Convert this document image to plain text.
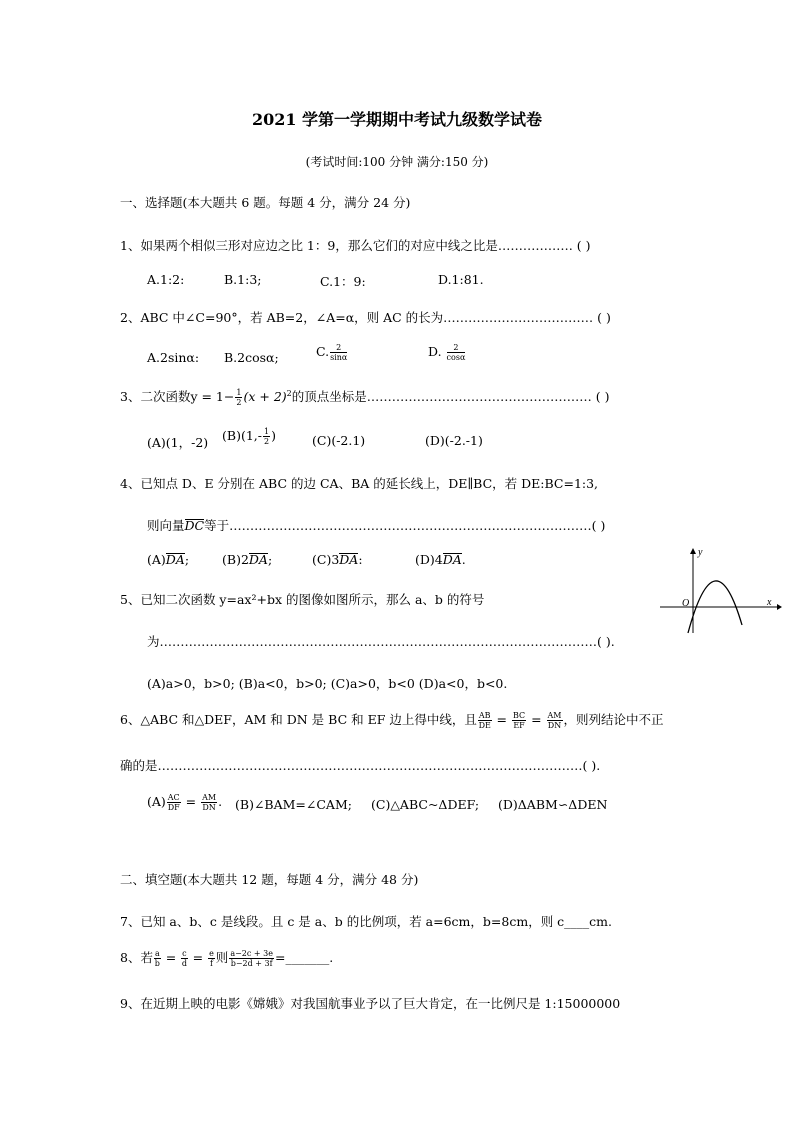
2021 学第一学期期中考试九级数学试卷
(考试时间:100 分钟 满分:150 分)
一、选择题(本大题共 6 题。每题 4 分，满分 24 分)
1、如果两个相似三形对应边之比 1：9，那么它们的对应中线之比是……………… ( )
A.1:2:	B.1:3;	C.1：9:	D.1:81.
2、ABC 中∠C=90°，若 AB=2，∠A=α，则 AC 的长为……………………………… ( )
A.2sinα: B.2cosα;	C. $\frac{2}{\sin\alpha}$	D. $\frac{2}{\cos\alpha}$
3、二次函数$y = 1- \frac{1}{2} (x + 2)^2$的顶点坐标是……………………………………………… ( )
(A)(1，-2) $(B)(1,- \frac{1}{2}$ )	(C)(-2.1)	(D)(-2.-1)
4、已知点 D、E 分别在 ABC 的边 CA、BA 的延长线上，DE∥BC，若 DE:BC=1:3,
则向量DC等于……………………………………………………………………………( )
(A)DA;	(B)2DA;	(C)3DA:	(D)4DA.
5、已知二次函数 y=ax²+bx 的图像如图所示，那么 a、b 的符号
为……………………………………………………………………………………………( ).
(A)a>0，b>0; (B)a<0，b>0; (C)a>0，b<0 (D)a<0，b<0.
y
x
O
6、△ABC 和△DEF，AM 和 DN 是 BC 和 EF 边上得中线，且 $\frac{AB}{DE} = \frac{BC}{EF} = \frac{AM}{DN}$ ，则列结论中不正
确的是…………………………………………………………………………………………( ).
$(A) \frac{AC}{DF} = \frac{AM}{DN}$ . (B)∠BAM=∠CAM; (C)△ABC~ΔDEF; (D)ΔABM∽ΔDEN
二、填空题(本大题共 12 题，每题 4 分，满分 48 分)
7、已知 a、b、c 是线段。且 c 是 a、b 的比例项，若 a=6cm，b=8cm，则 c____cm.
8、若 $\frac{a}{b} = \frac{c}{d} = \frac{e}{f}$ 则 $\frac{a-2c + 3e}{b-2d + 3f}$ =_______.
9、在近期上映的电影《嫦娥》对我国航事业予以了巨大肯定，在一比例尺是 1:15000000
